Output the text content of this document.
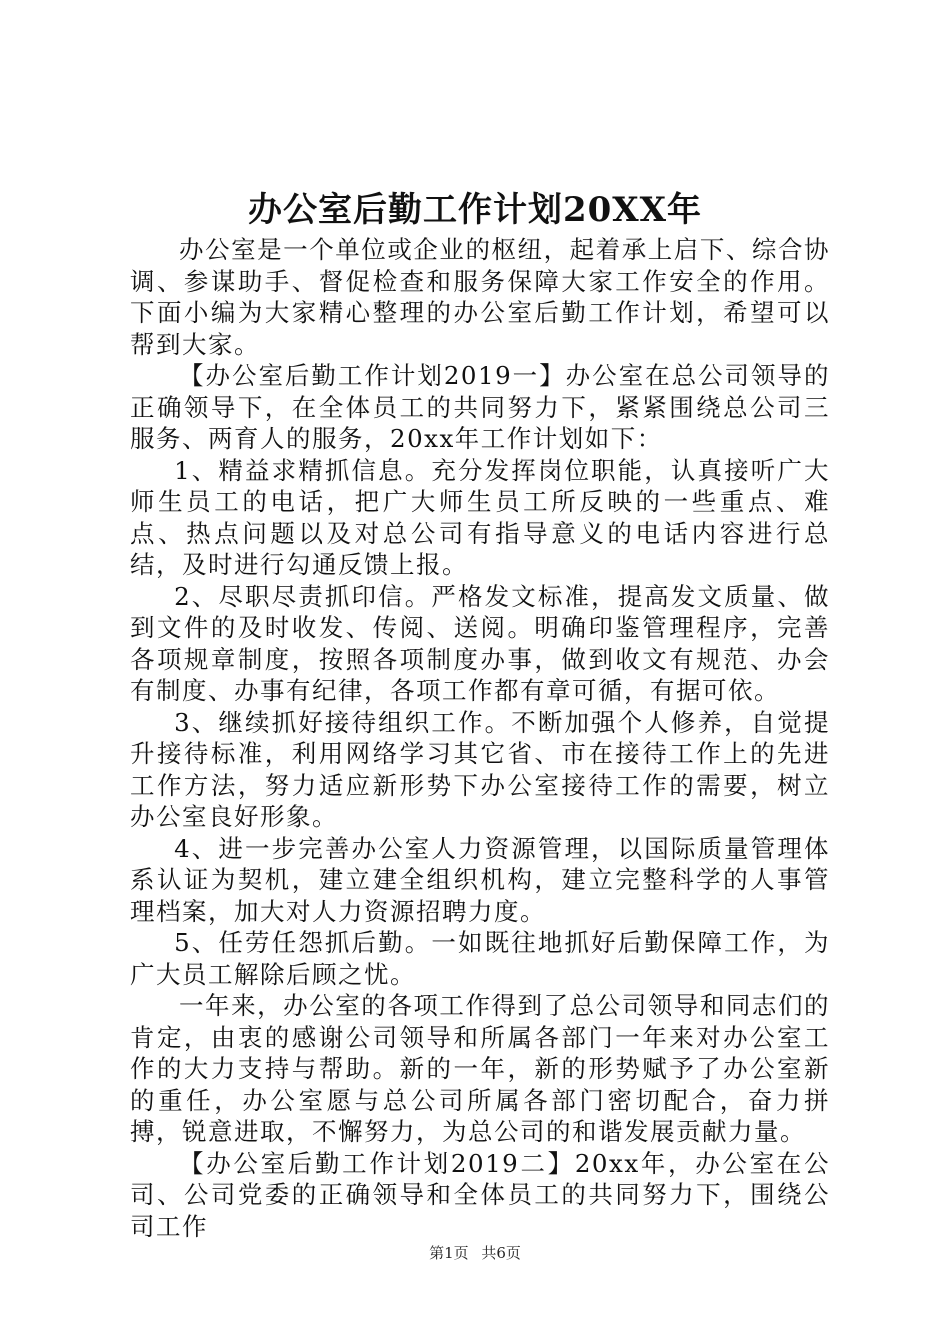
办公室后勤工作计划20XX年

办公室是一个单位或企业的枢纽，起着承上启下、综合协调、参谋助手、督促检查和服务保障大家工作安全的作用。下面小编为大家精心整理的办公室后勤工作计划，希望可以帮到大家。

【办公室后勤工作计划2019一】办公室在总公司领导的正确领导下，在全体员工的共同努力下，紧紧围绕总公司三服务、两育人的服务，20xx年工作计划如下：

1、精益求精抓信息。充分发挥岗位职能，认真接听广大师生员工的电话，把广大师生员工所反映的一些重点、难点、热点问题以及对总公司有指导意义的电话内容进行总结，及时进行勾通反馈上报。

2、尽职尽责抓印信。严格发文标准，提高发文质量、做到文件的及时收发、传阅、送阅。明确印鉴管理程序，完善各项规章制度，按照各项制度办事，做到收文有规范、办会有制度、办事有纪律，各项工作都有章可循，有据可依。

3、继续抓好接待组织工作。不断加强个人修养，自觉提升接待标准，利用网络学习其它省、市在接待工作上的先进工作方法，努力适应新形势下办公室接待工作的需要，树立办公室良好形象。

4、进一步完善办公室人力资源管理，以国际质量管理体系认证为契机，建立建全组织机构，建立完整科学的人事管理档案，加大对人力资源招聘力度。

5、任劳任怨抓后勤。一如既往地抓好后勤保障工作，为广大员工解除后顾之忧。

一年来，办公室的各项工作得到了总公司领导和同志们的肯定，由衷的感谢公司领导和所属各部门一年来对办公室工作的大力支持与帮助。新的一年，新的形势赋予了办公室新的重任，办公室愿与总公司所属各部门密切配合，奋力拼搏，锐意进取，不懈努力，为总公司的和谐发展贡献力量。

【办公室后勤工作计划2019二】20xx年，办公室在公司、公司党委的正确领导和全体员工的共同努力下，围绕公司工作

第1页 共6页
